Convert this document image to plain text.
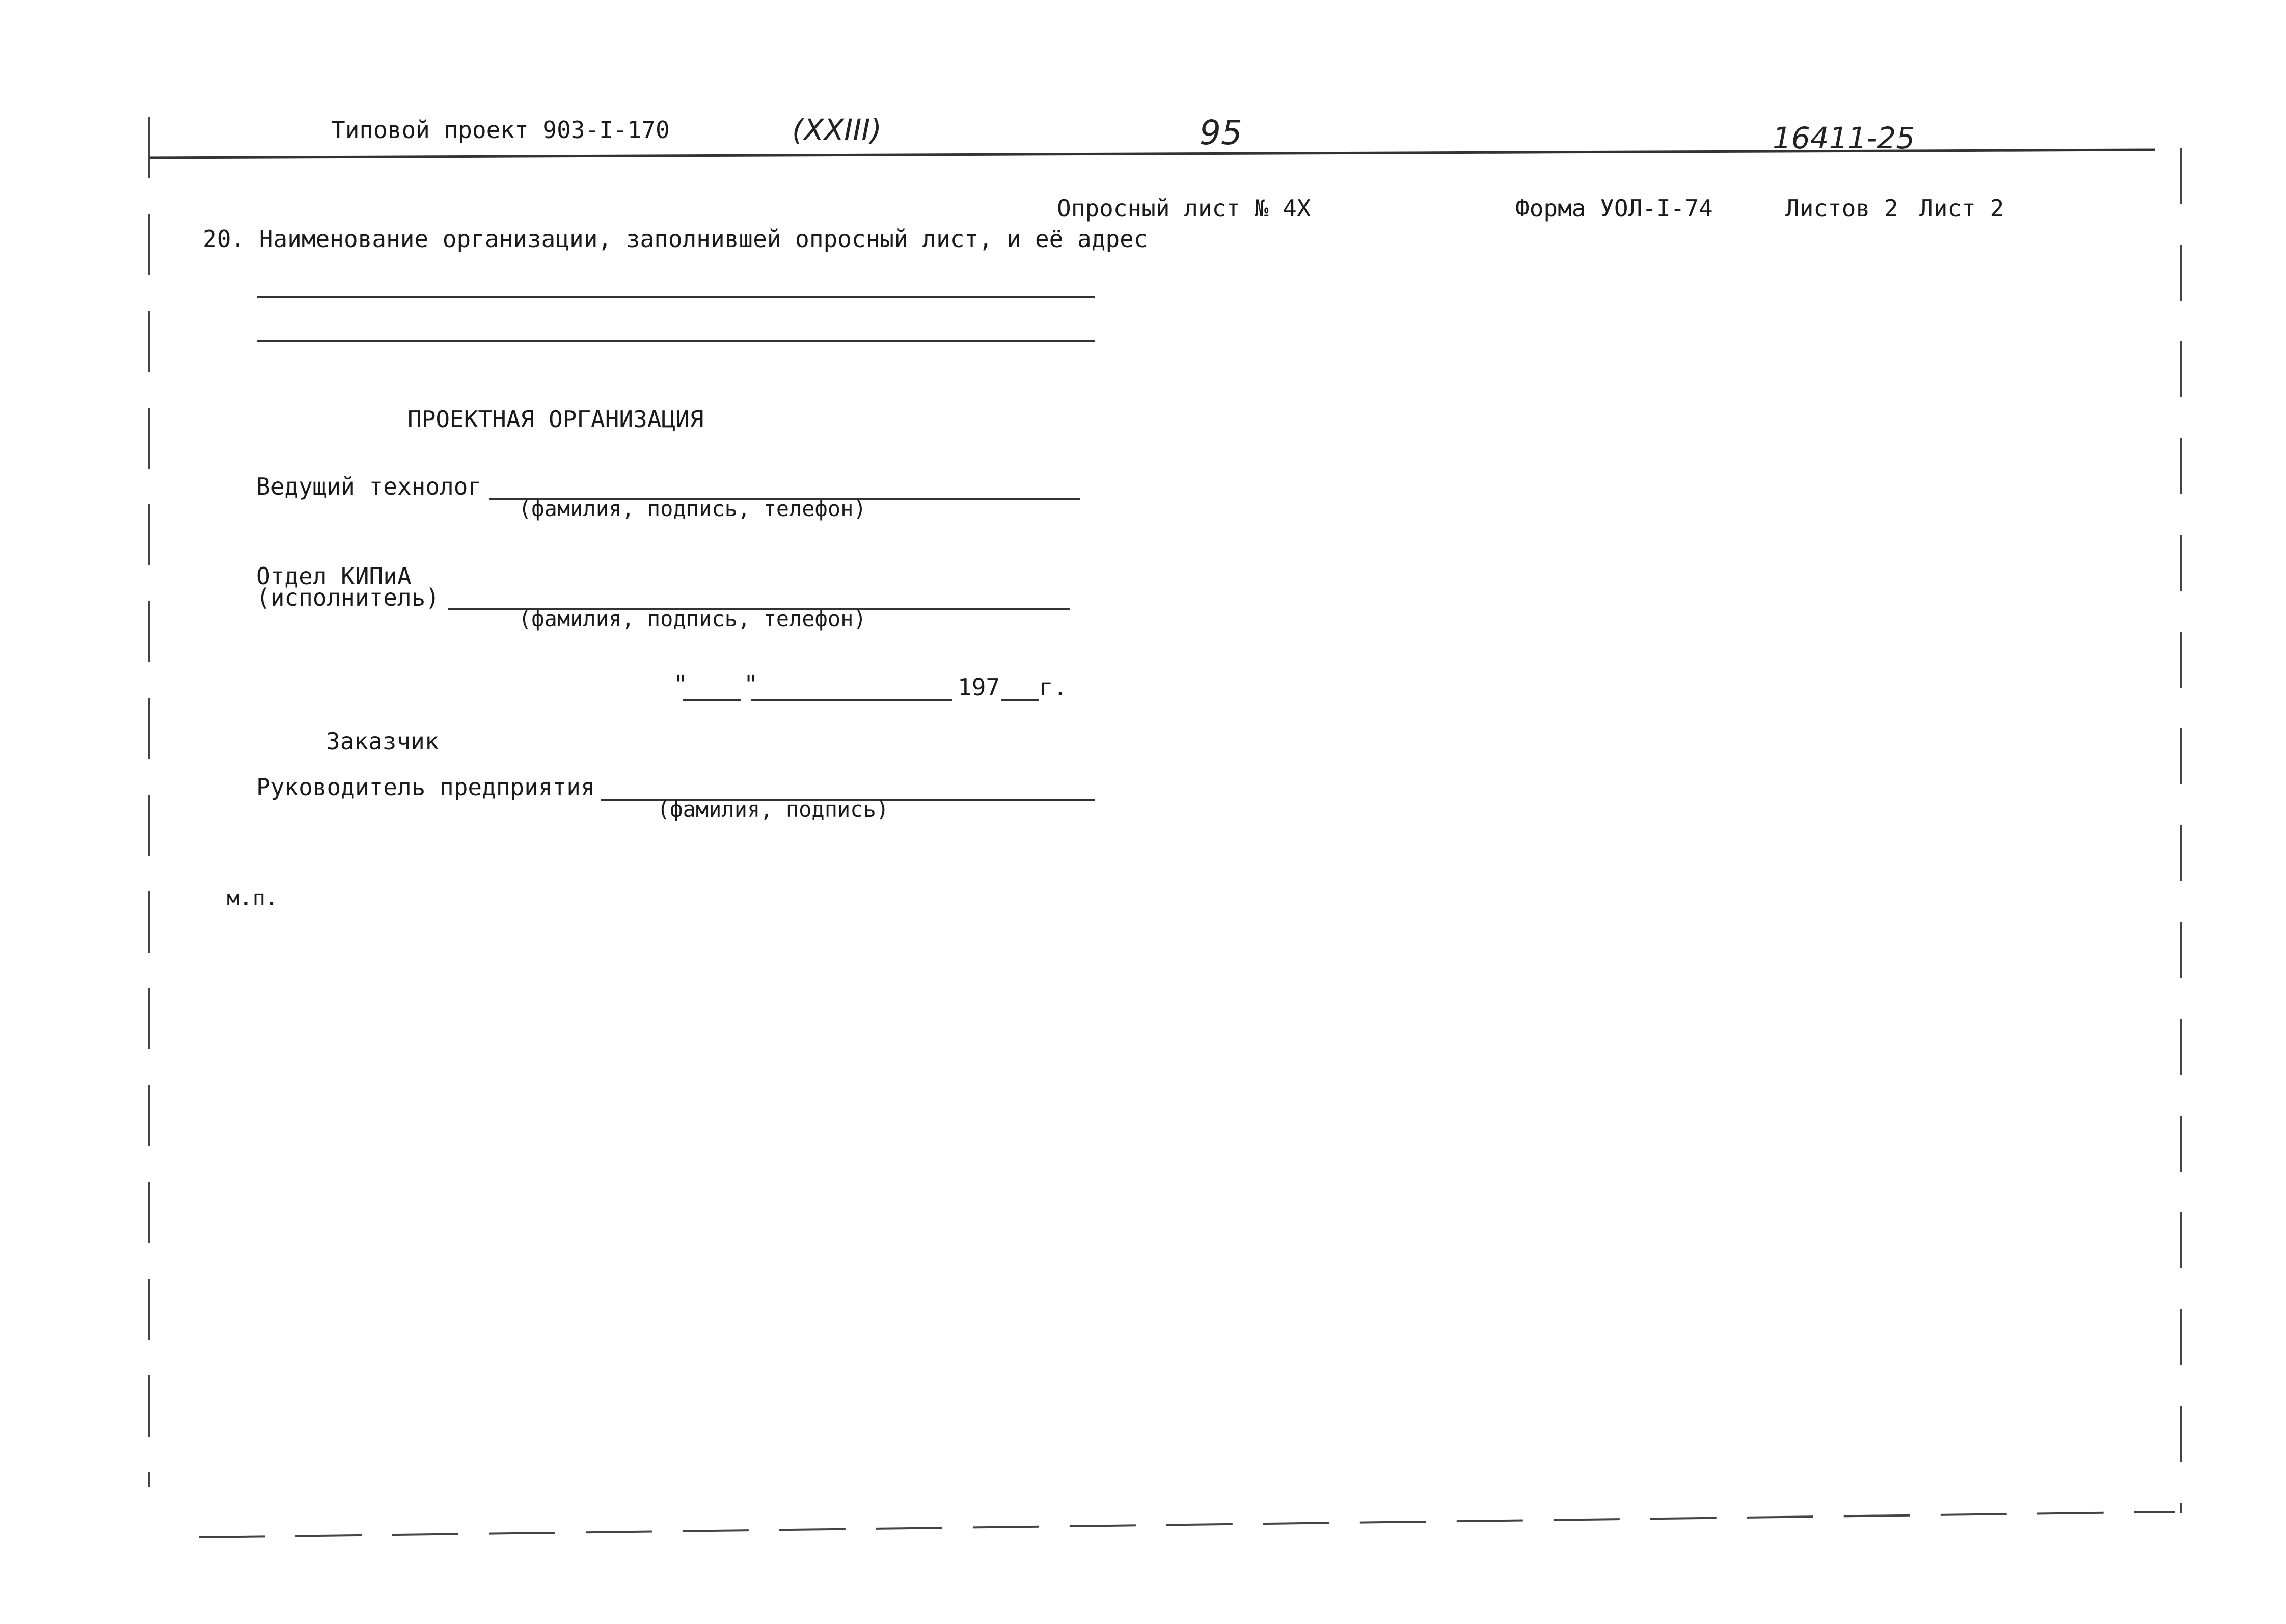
Типовой проект 903-I-170	(XXIII)	95	16411-25
Опросный лист № 4Х	Форма УОЛ-I-74	Листов 2 Лист 2
20. Наименование организации, заполнившей опросный лист, и её адрес
ПРОЕКТНАЯ ОРГАНИЗАЦИЯ
Ведущий технолог
(фамилия, подпись, телефон)
Отдел КИПиА
(исполнитель)
(фамилия, подпись, телефон)
" "	197 г.
Заказчик
Руководитель предприятия
(фамилия, подпись)
м.п.
